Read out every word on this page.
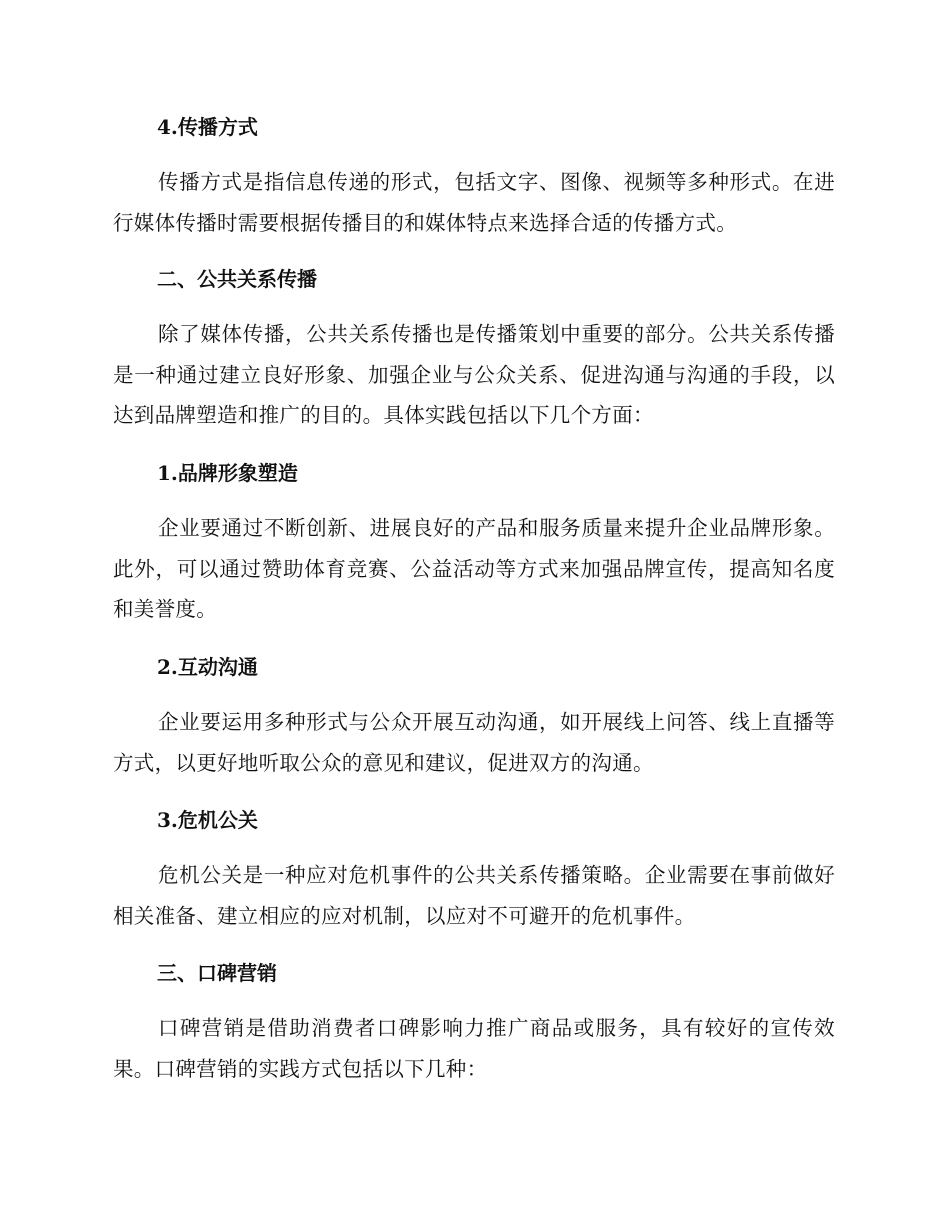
4.传播方式

传播方式是指信息传递的形式，包括文字、图像、视频等多种形式。在进行媒体传播时需要根据传播目的和媒体特点来选择合适的传播方式。

二、公共关系传播

除了媒体传播，公共关系传播也是传播策划中重要的部分。公共关系传播是一种通过建立良好形象、加强企业与公众关系、促进沟通与沟通的手段，以达到品牌塑造和推广的目的。具体实践包括以下几个方面：

1.品牌形象塑造

企业要通过不断创新、进展良好的产品和服务质量来提升企业品牌形象。此外，可以通过赞助体育竞赛、公益活动等方式来加强品牌宣传，提高知名度和美誉度。

2.互动沟通

企业要运用多种形式与公众开展互动沟通，如开展线上问答、线上直播等方式，以更好地听取公众的意见和建议，促进双方的沟通。

3.危机公关

危机公关是一种应对危机事件的公共关系传播策略。企业需要在事前做好相关准备、建立相应的应对机制，以应对不可避开的危机事件。

三、口碑营销

口碑营销是借助消费者口碑影响力推广商品或服务，具有较好的宣传效果。口碑营销的实践方式包括以下几种：
